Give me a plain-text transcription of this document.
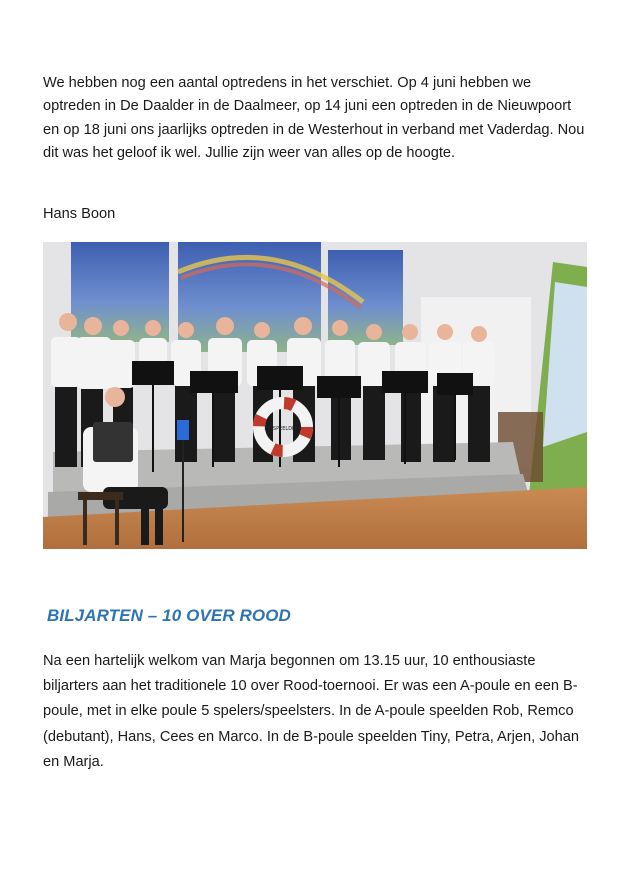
We hebben nog een aantal optredens in het verschiet. Op 4 juni hebben we optreden in De Daalder in de Daalmeer, op 14 juni een optreden in de Nieuwpoort en op 18 juni ons jaarlijks optreden in de Westerhout in verband met Vaderdag. Nou dit was het geloof ik wel. Jullie zijn weer van alles op de hoogte.

Hans Boon

DE SPEELDEKS
BILJARTEN – 10 OVER ROOD

Na een hartelijk welkom van Marja begonnen om 13.15 uur, 10 enthousiaste biljarters aan het traditionele 10 over Rood-toernooi. Er was een A-poule en een B-poule, met in elke poule 5 spelers/speelsters. In de A-poule speelden Rob, Remco (debutant), Hans, Cees en Marco. In de B-poule speelden Tiny, Petra, Arjen, Johan en Marja.
